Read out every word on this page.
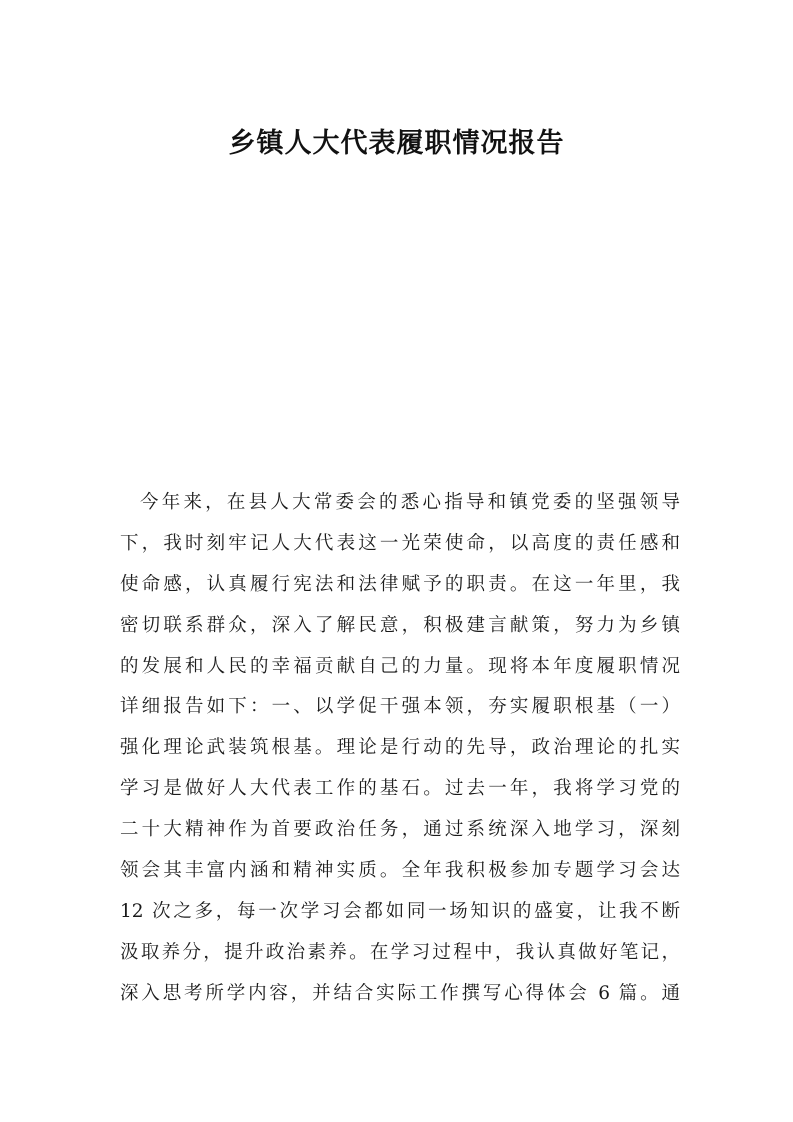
乡镇人大代表履职情况报告
今年来，在县人大常委会的悉心指导和镇党委的坚强领导
下，我时刻牢记人大代表这一光荣使命，以高度的责任感和
使命感，认真履行宪法和法律赋予的职责。在这一年里，我
密切联系群众，深入了解民意，积极建言献策，努力为乡镇
的发展和人民的幸福贡献自己的力量。现将本年度履职情况
详细报告如下：一、以学促干强本领，夯实履职根基（一）
强化理论武装筑根基。理论是行动的先导，政治理论的扎实
学习是做好人大代表工作的基石。过去一年，我将学习党的
二十大精神作为首要政治任务，通过系统深入地学习，深刻
领会其丰富内涵和精神实质。全年我积极参加专题学习会达
12 次之多，每一次学习会都如同一场知识的盛宴，让我不断
汲取养分，提升政治素养。在学习过程中，我认真做好笔记，
深入思考所学内容，并结合实际工作撰写心得体会 6 篇。通
